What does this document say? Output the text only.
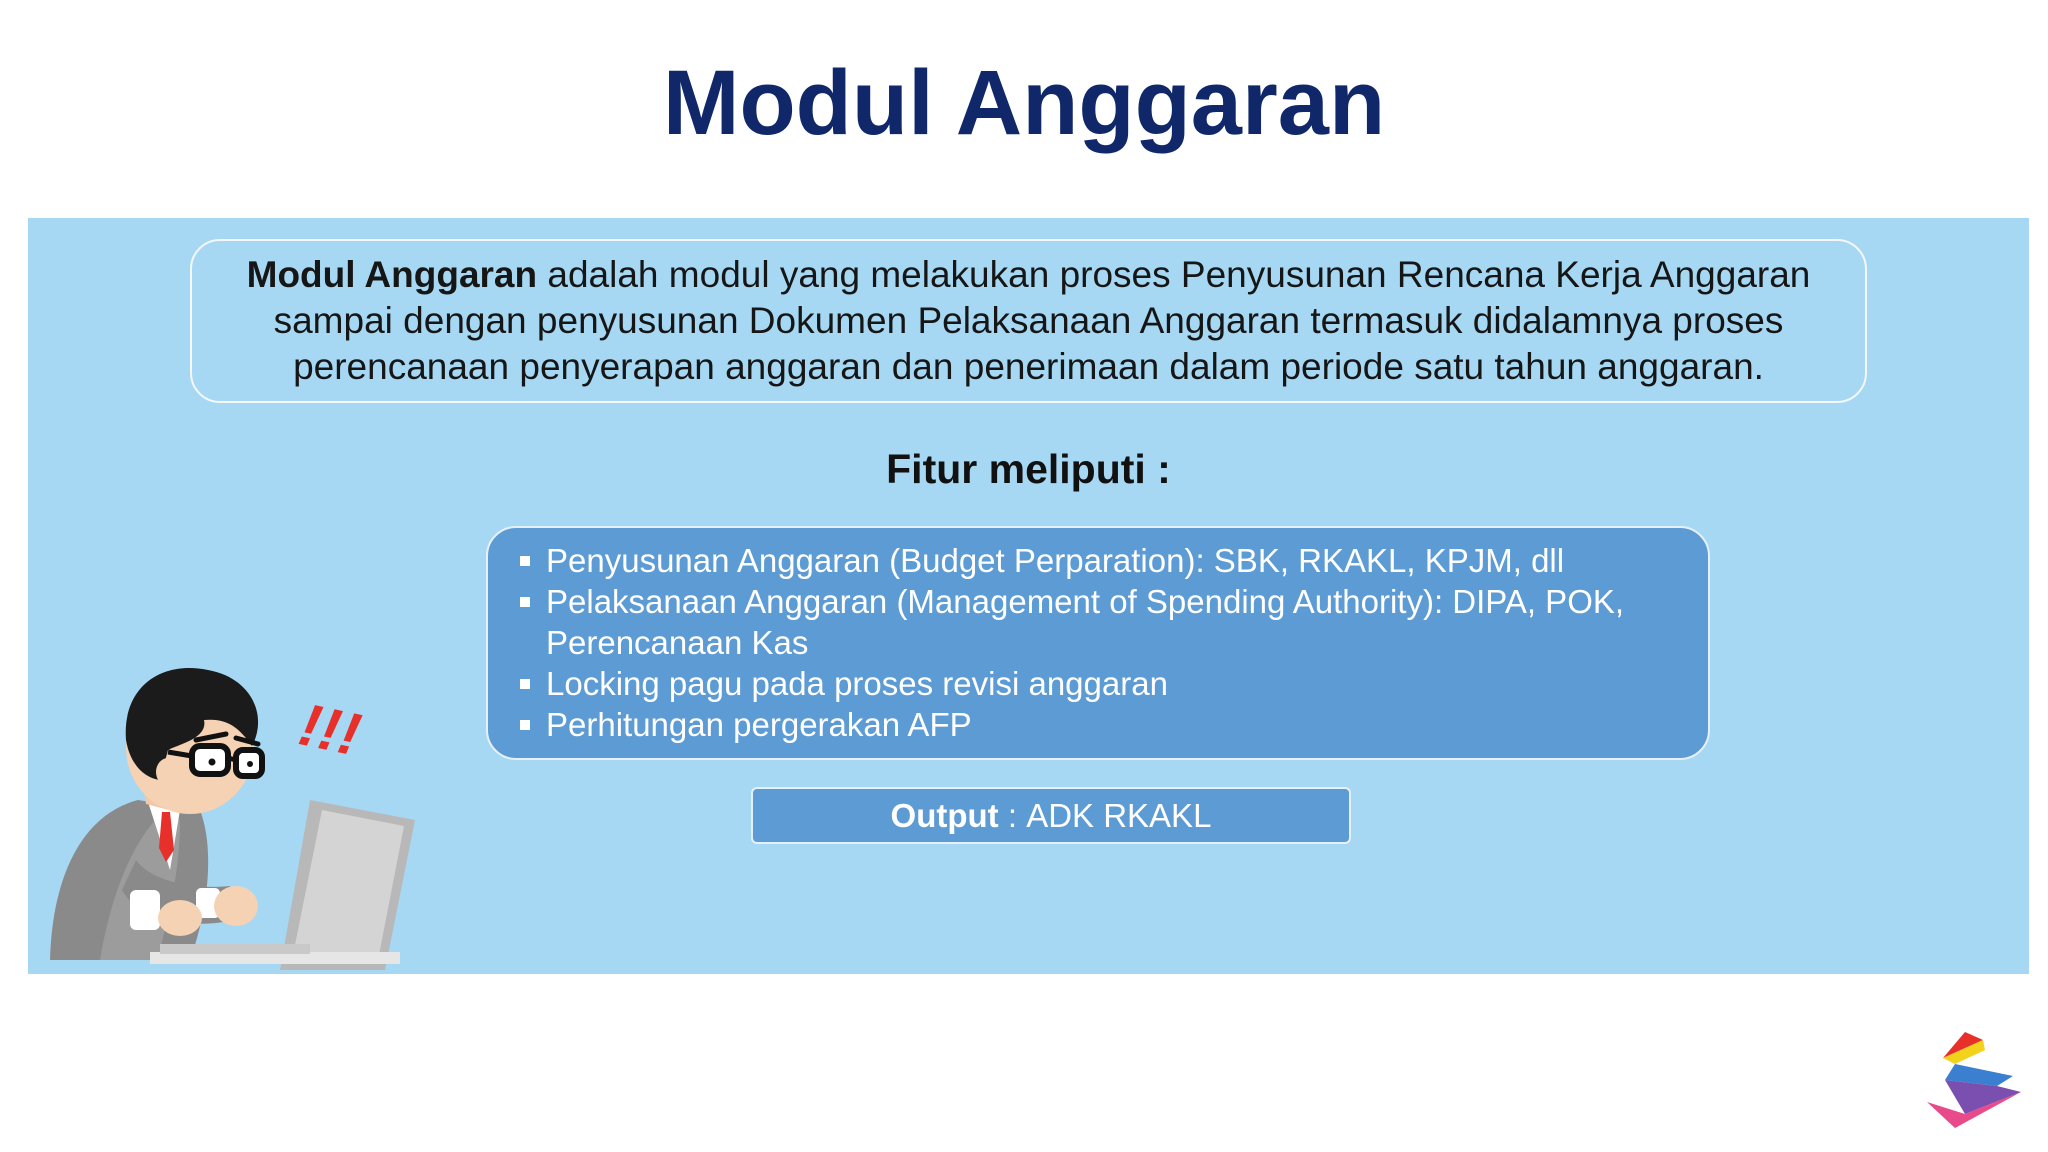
Modul Anggaran

Modul Anggaran adalah modul yang melakukan proses Penyusunan Rencana Kerja Anggaran sampai dengan penyusunan Dokumen Pelaksanaan Anggaran termasuk didalamnya proses perencanaan penyerapan anggaran dan penerimaan dalam periode satu tahun anggaran.

Fitur meliputi :
Penyusunan Anggaran (Budget Perparation): SBK, RKAKL, KPJM, dll
Pelaksanaan Anggaran (Management of Spending Authority): DIPA, POK, Perencanaan Kas
Locking pagu pada proses revisi anggaran
Perhitungan pergerakan AFP
Output : ADK RKAKL
!!!
